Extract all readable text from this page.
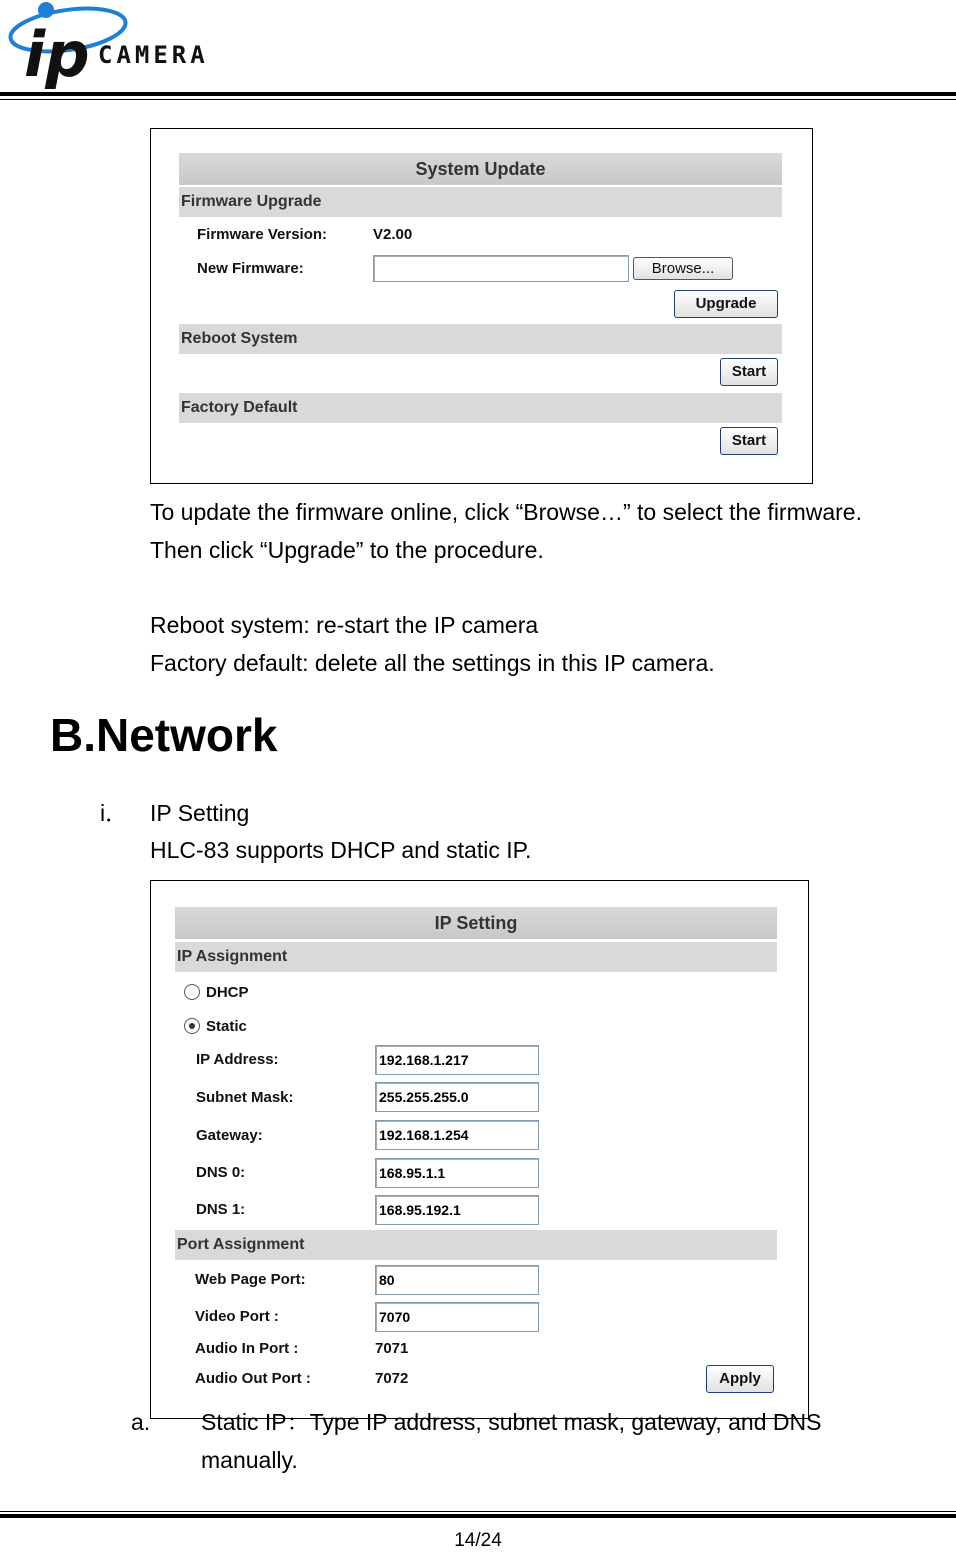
ip CAMERA
System Update
Firmware Upgrade
Firmware Version:	V2.00
New Firmware:	Browse...
Upgrade
Reboot System
Start
Factory Default
Start
To update the firmware online, click “Browse…” to select the firmware.
Then click “Upgrade” to the procedure.
Reboot system: re-start the IP camera
Factory default: delete all the settings in this IP camera.
B.Network
i． IP Setting
HLC-83 supports DHCP and static IP.
IP Setting
IP Assignment
DHCP
Static
IP Address:	192.168.1.217
Subnet Mask:	255.255.255.0
Gateway:	192.168.1.254
DNS 0:	168.95.1.1
DNS 1:	168.95.192.1
Port Assignment
Web Page Port:	80
Video Port :	7070
Audio In Port :	7071
Audio Out Port :	7072	Apply
a. Static IP：Type IP address, subnet mask, gateway, and DNS
manually.
14/24
